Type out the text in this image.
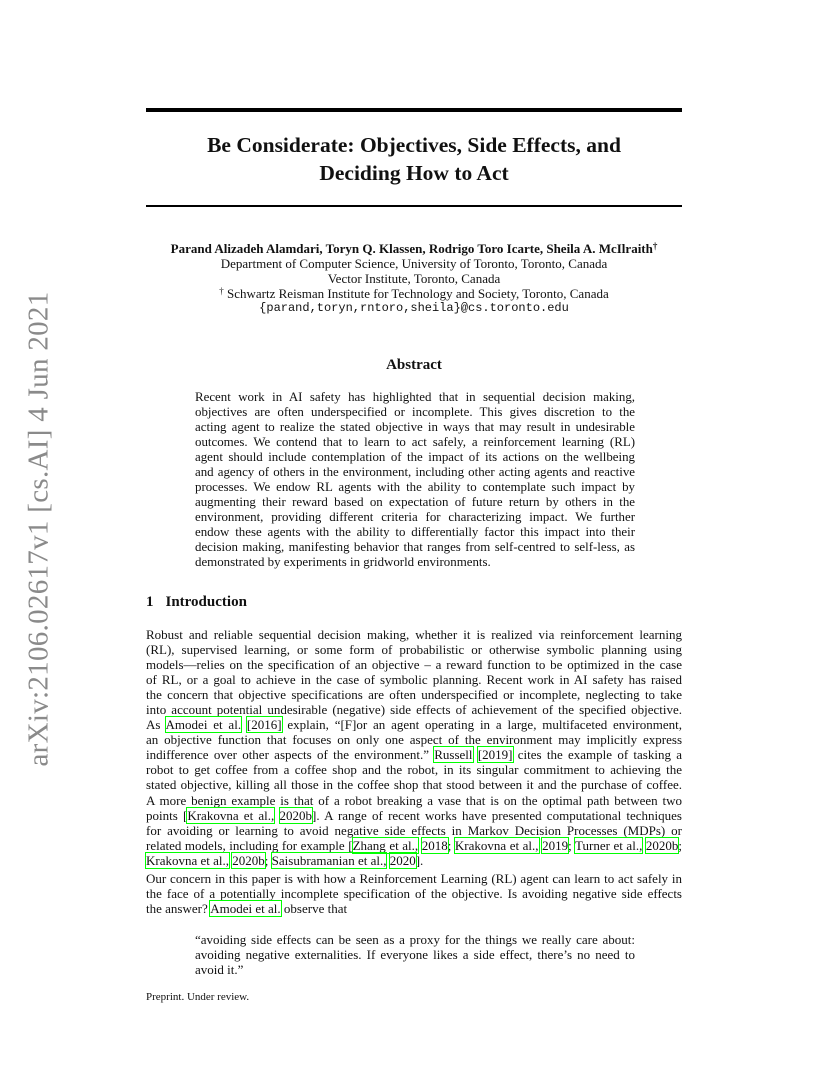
arXiv:2106.02617v1 [cs.AI] 4 Jun 2021
Be Considerate: Objectives, Side Effects, and
Deciding How to Act
Parand Alizadeh Alamdari, Toryn Q. Klassen, Rodrigo Toro Icarte, Sheila A. McIlraith†
Department of Computer Science, University of Toronto, Toronto, Canada
Vector Institute, Toronto, Canada
† Schwartz Reisman Institute for Technology and Society, Toronto, Canada
{parand,toryn,rntoro,sheila}@cs.toronto.edu
Abstract
Recent work in AI safety has highlighted that in sequential decision making,
objectives are often underspecified or incomplete. This gives discretion to the
acting agent to realize the stated objective in ways that may result in undesirable
outcomes. We contend that to learn to act safely, a reinforcement learning (RL)
agent should include contemplation of the impact of its actions on the wellbeing
and agency of others in the environment, including other acting agents and reactive
processes. We endow RL agents with the ability to contemplate such impact by
augmenting their reward based on expectation of future return by others in the
environment, providing different criteria for characterizing impact. We further
endow these agents with the ability to differentially factor this impact into their
decision making, manifesting behavior that ranges from self-centred to self-less, as
demonstrated by experiments in gridworld environments.
1 Introduction
Robust and reliable sequential decision making, whether it is realized via reinforcement learning
(RL), supervised learning, or some form of probabilistic or otherwise symbolic planning using
models—relies on the specification of an objective – a reward function to be optimized in the case
of RL, or a goal to achieve in the case of symbolic planning. Recent work in AI safety has raised
the concern that objective specifications are often underspecified or incomplete, neglecting to take
into account potential undesirable (negative) side effects of achievement of the specified objective.
As Amodei et al. [2016] explain, “[F]or an agent operating in a large, multifaceted environment,
an objective function that focuses on only one aspect of the environment may implicitly express
indifference over other aspects of the environment.” Russell [2019] cites the example of tasking a
robot to get coffee from a coffee shop and the robot, in its singular commitment to achieving the
stated objective, killing all those in the coffee shop that stood between it and the purchase of coffee.
A more benign example is that of a robot breaking a vase that is on the optimal path between two
points [Krakovna et al., 2020b]. A range of recent works have presented computational techniques
for avoiding or learning to avoid negative side effects in Markov Decision Processes (MDPs) or
related models, including for example [Zhang et al., 2018; Krakovna et al., 2019; Turner et al., 2020b;
Krakovna et al., 2020b; Saisubramanian et al., 2020].
Our concern in this paper is with how a Reinforcement Learning (RL) agent can learn to act safely in
the face of a potentially incomplete specification of the objective. Is avoiding negative side effects
the answer? Amodei et al. observe that
“avoiding side effects can be seen as a proxy for the things we really care about:
avoiding negative externalities. If everyone likes a side effect, there’s no need to
avoid it.”
Preprint. Under review.
